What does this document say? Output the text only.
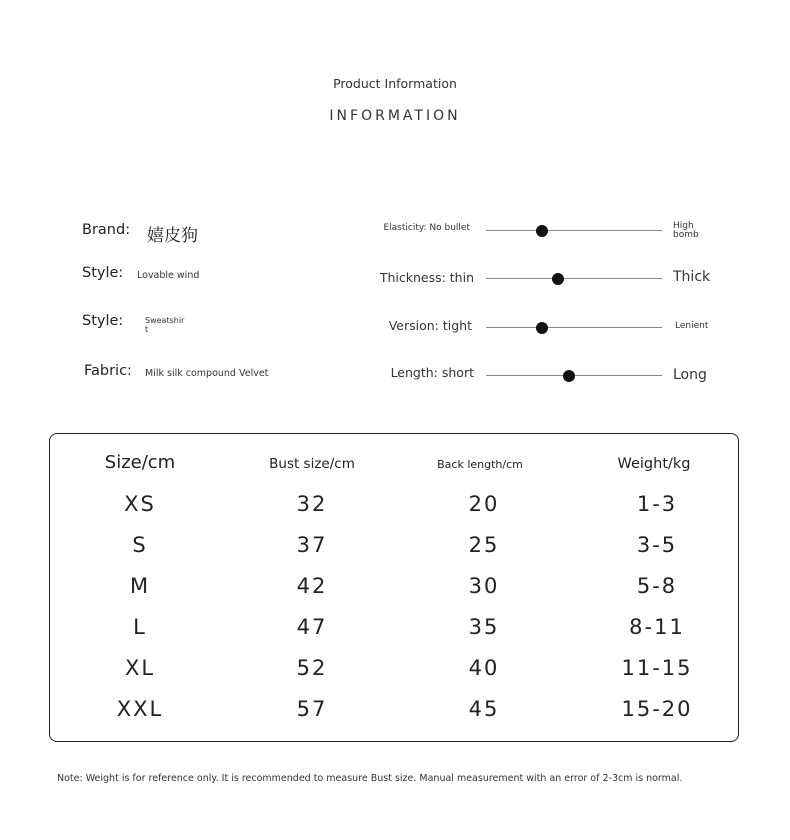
Product Information
INFORMATION
Brand: 嬉皮狗
Style: Lovable wind
Style:	Sweatshir
t
Fabric: Milk silk compound Velvet
Elasticity: No bullet	High
bomb
Thickness: thin	Thick
Version: tight	Lenient
Length: short	Long
Size/cm	Bust size/cm	Back length/cm	Weight/kg
XS	32	20	1-3
S	37	25	3-5
M	42	30	5-8
L	47	35	8-11
XL	52	40	11-15
XXL	57	45	15-20
Note: Weight is for reference only. It is recommended to measure Bust size. Manual measurement with an error of 2-3cm is normal.
